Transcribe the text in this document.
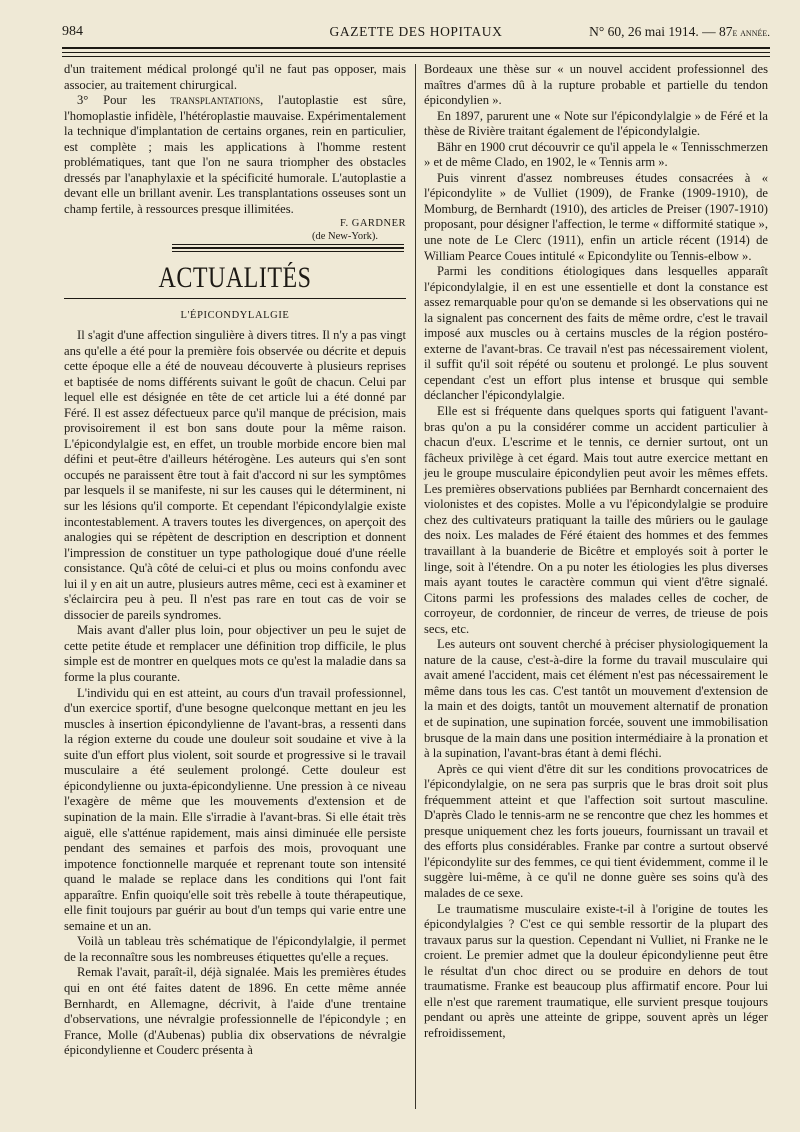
984	GAZETTE DES HOPITAUX	N° 60, 26 mai 1914. — 87e année.

d'un traitement médical prolongé qu'il ne faut pas opposer, mais associer, au traitement chirurgical.

3° Pour les transplantations, l'autoplastie est sûre, l'homoplastie infidèle, l'hétéroplastie mauvaise. Expérimentalement la technique d'implantation de certains organes, rein en particulier, est complète ; mais les applications à l'homme restent problématiques, tant que l'on ne saura triompher des obstacles dressés par l'anaphylaxie et la spécificité humorale. L'autoplastie a devant elle un brillant avenir. Les transplantations osseuses sont un champ fertile, à ressources presque illimitées.

F. GARDNER
(de New-York).
ACTUALITÉS
L'ÉPICONDYLALGIE

Il s'agit d'une affection singulière à divers titres. Il n'y a pas vingt ans qu'elle a été pour la première fois observée ou décrite et depuis cette époque elle a été de nouveau découverte à plusieurs reprises et baptisée de noms différents suivant le goût de chacun. Celui par lequel elle est désignée en tête de cet article lui a été donné par Féré. Il est assez défectueux parce qu'il manque de précision, mais provisoirement il est bon sans doute pour la même raison. L'épicondylalgie est, en effet, un trouble morbide encore bien mal défini et peut-être d'ailleurs hétérogène. Les auteurs qui s'en sont occupés ne paraissent être tout à fait d'accord ni sur les symptômes par lesquels il se manifeste, ni sur les causes qui le déterminent, ni sur les lésions qu'il comporte. Et cependant l'épicondylalgie existe incontestablement. A travers toutes les divergences, on aperçoit des analogies qui se répètent de description en description et donnent l'impression de constituer un type pathologique doué d'une réelle consistance. Qu'à côté de celui-ci et plus ou moins confondu avec lui il y en ait un autre, plusieurs autres même, ceci est à examiner et s'éclaircira peu à peu. Il n'est pas rare en tout cas de voir se dissocier de pareils syndromes.

Mais avant d'aller plus loin, pour objectiver un peu le sujet de cette petite étude et remplacer une définition trop difficile, le plus simple est de montrer en quelques mots ce qu'est la maladie dans sa forme la plus courante.

L'individu qui en est atteint, au cours d'un travail professionnel, d'un exercice sportif, d'une besogne quelconque mettant en jeu les muscles à insertion épicondylienne de l'avant-bras, a ressenti dans la région externe du coude une douleur soit soudaine et vive à la suite d'un effort plus violent, soit sourde et progressive si le travail musculaire a été seulement prolongé. Cette douleur est épicondylienne ou juxta-épicondylienne. Une pression à ce niveau l'exagère de même que les mouvements d'extension et de supination de la main. Elle s'irradie à l'avant-bras. Si elle était très aiguë, elle s'atténue rapidement, mais ainsi diminuée elle persiste pendant des semaines et parfois des mois, provoquant une impotence fonctionnelle marquée et reprenant toute son intensité quand le malade se replace dans les conditions qui l'ont fait apparaître. Enfin quoiqu'elle soit très rebelle à toute thérapeutique, elle finit toujours par guérir au bout d'un temps qui varie entre une semaine et un an.

Voilà un tableau très schématique de l'épicondylalgie, il permet de la reconnaître sous les nombreuses étiquettes qu'elle a reçues.

Remak l'avait, paraît-il, déjà signalée. Mais les premières études qui en ont été faites datent de 1896. En cette même année Bernhardt, en Allemagne, décrivit, à l'aide d'une trentaine d'observations, une névralgie professionnelle de l'épicondyle ; en France, Molle (d'Aubenas) publia dix observations de névralgie épicondylienne et Couderc présenta à

Bordeaux une thèse sur « un nouvel accident professionnel des maîtres d'armes dû à la rupture probable et partielle du tendon épicondylien ».

En 1897, parurent une « Note sur l'épicondylalgie » de Féré et la thèse de Rivière traitant également de l'épicondylalgie.

Bähr en 1900 crut découvrir ce qu'il appela le « Tennisschmerzen » et de même Clado, en 1902, le « Tennis arm ».

Puis vinrent d'assez nombreuses études consacrées à « l'épicondylite » de Vulliet (1909), de Franke (1909-1910), de Momburg, de Bernhardt (1910), des articles de Preiser (1907-1910) proposant, pour désigner l'affection, le terme « difformité statique », une note de Le Clerc (1911), enfin un article récent (1914) de William Pearce Coues intitulé « Epicondylite ou Tennis-elbow ».

Parmi les conditions étiologiques dans lesquelles apparaît l'épicondylalgie, il en est une essentielle et dont la constance est assez remarquable pour qu'on se demande si les observations qui ne la signalent pas concernent des faits de même ordre, c'est le travail imposé aux muscles ou à certains muscles de la région postéro-externe de l'avant-bras. Ce travail n'est pas nécessairement violent, il suffit qu'il soit répété ou soutenu et prolongé. Le plus souvent cependant c'est un effort plus intense et brusque qui semble déclancher l'épicondylalgie.

Elle est si fréquente dans quelques sports qui fatiguent l'avant-bras qu'on a pu la considérer comme un accident particulier à chacun d'eux. L'escrime et le tennis, ce dernier surtout, ont un fâcheux privilège à cet égard. Mais tout autre exercice mettant en jeu le groupe musculaire épicondylien peut avoir les mêmes effets. Les premières observations publiées par Bernhardt concernaient des violonistes et des copistes. Molle a vu l'épicondylalgie se produire chez des cultivateurs pratiquant la taille des mûriers ou le gaulage des noix. Les malades de Féré étaient des hommes et des femmes travaillant à la buanderie de Bicêtre et employés soit à porter le linge, soit à l'étendre. On a pu noter les étiologies les plus diverses mais ayant toutes le caractère commun qui vient d'être signalé. Citons parmi les professions des malades celles de cocher, de corroyeur, de cordonnier, de rinceur de verres, de trieuse de pois secs, etc.

Les auteurs ont souvent cherché à préciser physiologiquement la nature de la cause, c'est-à-dire la forme du travail musculaire qui avait amené l'accident, mais cet élément n'est pas nécessairement le même dans tous les cas. C'est tantôt un mouvement d'extension de la main et des doigts, tantôt un mouvement alternatif de pronation et de supination, une supination forcée, souvent une immobilisation brusque de la main dans une position intermédiaire à la pronation et à la supination, l'avant-bras étant à demi fléchi.

Après ce qui vient d'être dit sur les conditions provocatrices de l'épicondylalgie, on ne sera pas surpris que le bras droit soit plus fréquemment atteint et que l'affection soit surtout masculine. D'après Clado le tennis-arm ne se rencontre que chez les hommes et presque uniquement chez les forts joueurs, fournissant un travail et des efforts plus considérables. Franke par contre a surtout observé l'épicondylite sur des femmes, ce qui tient évidemment, comme il le suggère lui-même, à ce qu'il ne donne guère ses soins qu'à des malades de ce sexe.

Le traumatisme musculaire existe-t-il à l'origine de toutes les épicondylalgies ? C'est ce qui semble ressortir de la plupart des travaux parus sur la question. Cependant ni Vulliet, ni Franke ne le croient. Le premier admet que la douleur épicondylienne peut être le résultat d'un choc direct ou se produire en dehors de tout traumatisme. Franke est beaucoup plus affirmatif encore. Pour lui elle n'est que rarement traumatique, elle survient presque toujours pendant ou après une atteinte de grippe, souvent après un léger refroidissement,
